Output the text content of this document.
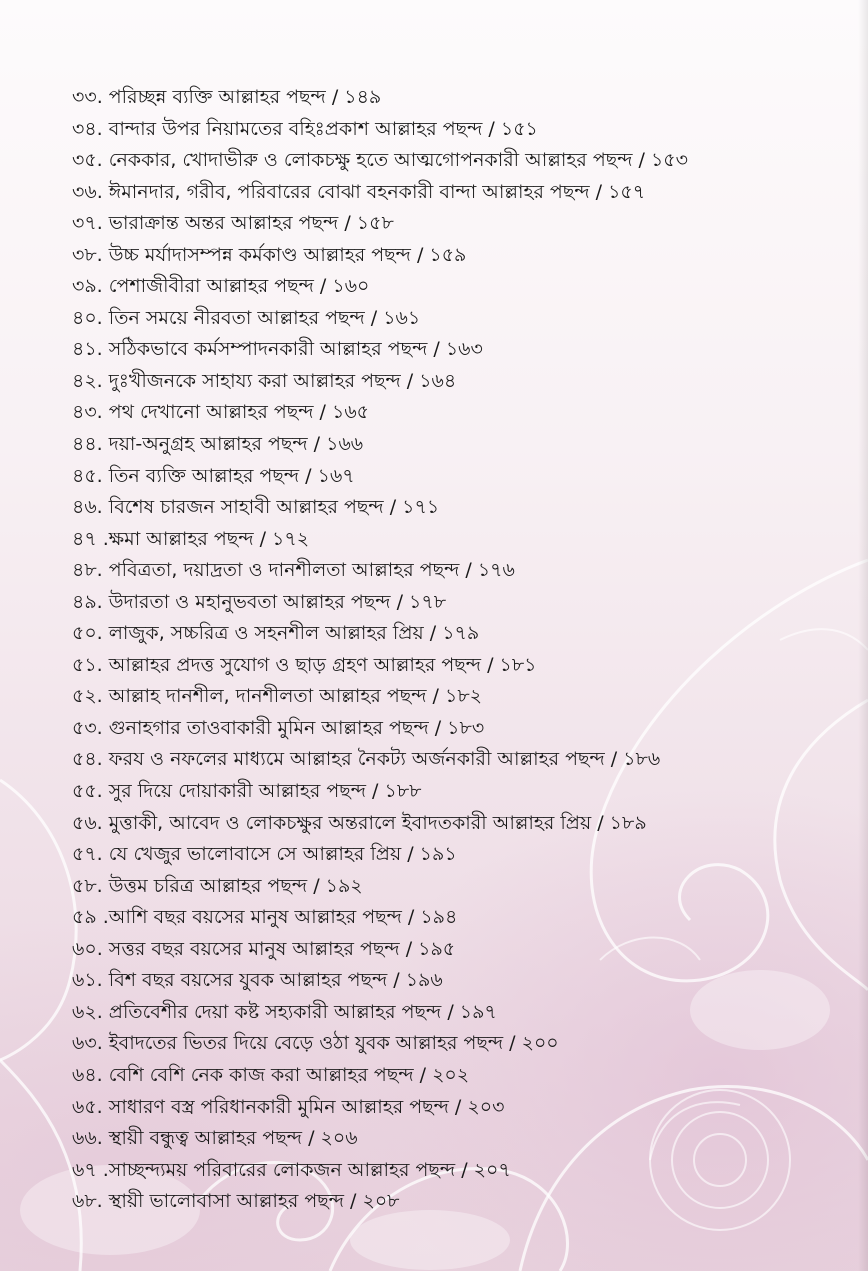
৩৩. পরিচ্ছন্ন ব্যক্তি আল্লাহর পছন্দ / ১৪৯
৩৪. বান্দার উপর নিয়ামতের বহিঃপ্রকাশ আল্লাহর পছন্দ / ১৫১
৩৫. নেককার, খোদাভীরু ও লোকচক্ষু হতে আত্মগোপনকারী আল্লাহর পছন্দ / ১৫৩
৩৬. ঈমানদার, গরীব, পরিবারের বোঝা বহনকারী বান্দা আল্লাহর পছন্দ / ১৫৭
৩৭. ভারাক্রান্ত অন্তর আল্লাহর পছন্দ / ১৫৮
৩৮. উচ্চ মর্যাদাসম্পন্ন কর্মকাণ্ড আল্লাহর পছন্দ / ১৫৯
৩৯. পেশাজীবীরা আল্লাহর পছন্দ / ১৬০
৪০. তিন সময়ে নীরবতা আল্লাহর পছন্দ / ১৬১
৪১. সঠিকভাবে কর্মসম্পাদনকারী আল্লাহর পছন্দ / ১৬৩
৪২. দুঃখীজনকে সাহায্য করা আল্লাহর পছন্দ / ১৬৪
৪৩. পথ দেখানো আল্লাহর পছন্দ / ১৬৫
৪৪. দয়া-অনুগ্রহ আল্লাহর পছন্দ / ১৬৬
৪৫. তিন ব্যক্তি আল্লাহর পছন্দ / ১৬৭
৪৬. বিশেষ চারজন সাহাবী আল্লাহর পছন্দ / ১৭১
৪৭ .ক্ষমা আল্লাহর পছন্দ / ১৭২
৪৮. পবিত্রতা, দয়াদ্রতা ও দানশীলতা আল্লাহর পছন্দ / ১৭৬
৪৯. উদারতা ও মহানুভবতা আল্লাহর পছন্দ / ১৭৮
৫০. লাজুক, সচ্চরিত্র ও সহনশীল আল্লাহর প্রিয় / ১৭৯
৫১. আল্লাহর প্রদত্ত সুযোগ ও ছাড় গ্রহণ আল্লাহর পছন্দ / ১৮১
৫২. আল্লাহ দানশীল, দানশীলতা আল্লাহর পছন্দ / ১৮২
৫৩. গুনাহগার তাওবাকারী মুমিন আল্লাহর পছন্দ / ১৮৩
৫৪. ফরয ও নফলের মাধ্যমে আল্লাহর নৈকট্য অর্জনকারী আল্লাহর পছন্দ / ১৮৬
৫৫. সুর দিয়ে দোয়াকারী আল্লাহর পছন্দ / ১৮৮
৫৬. মুত্তাকী, আবেদ ও লোকচক্ষুর অন্তরালে ইবাদতকারী আল্লাহর প্রিয় / ১৮৯
৫৭. যে খেজুর ভালোবাসে সে আল্লাহর প্রিয় / ১৯১
৫৮. উত্তম চরিত্র আল্লাহর পছন্দ / ১৯২
৫৯ .আশি বছর বয়সের মানুষ আল্লাহর পছন্দ / ১৯৪
৬০. সত্তর বছর বয়সের মানুষ আল্লাহর পছন্দ / ১৯৫
৬১. বিশ বছর বয়সের যুবক আল্লাহর পছন্দ / ১৯৬
৬২. প্রতিবেশীর দেয়া কষ্ট সহ্যকারী আল্লাহর পছন্দ / ১৯৭
৬৩. ইবাদতের ভিতর দিয়ে বেড়ে ওঠা যুবক আল্লাহর পছন্দ / ২০০
৬৪. বেশি বেশি নেক কাজ করা আল্লাহর পছন্দ / ২০২
৬৫. সাধারণ বস্ত্র পরিধানকারী মুমিন আল্লাহর পছন্দ / ২০৩
৬৬. স্থায়ী বন্ধুত্ব আল্লাহর পছন্দ / ২০৬
৬৭ .সাচ্ছন্দ্যময় পরিবারের লোকজন আল্লাহর পছন্দ / ২০৭
৬৮. স্থায়ী ভালোবাসা আল্লাহর পছন্দ / ২০৮
